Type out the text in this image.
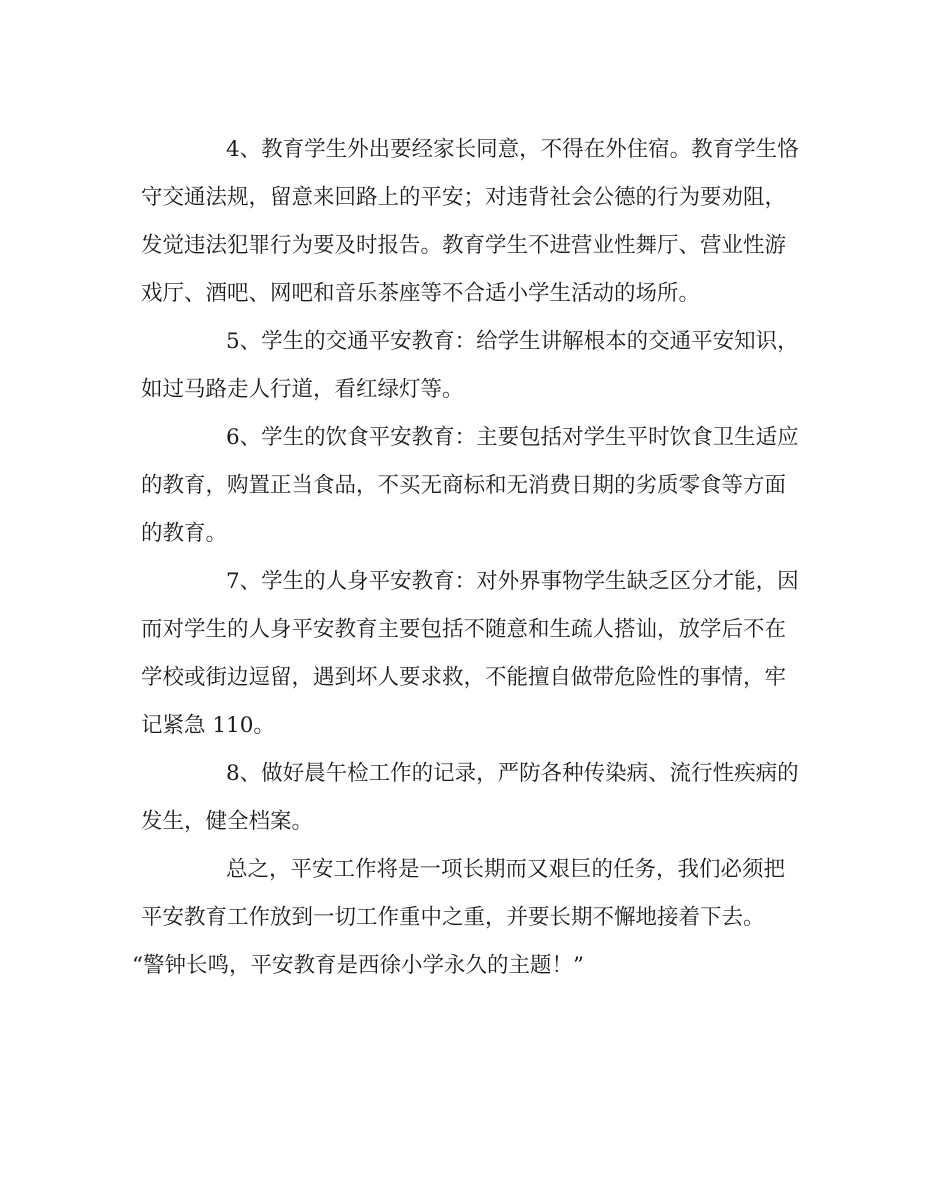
4、教育学生外出要经家长同意，不得在外住宿。教育学生恪

守交通法规，留意来回路上的平安；对违背社会公德的行为要劝阻，

发觉违法犯罪行为要及时报告。教育学生不进营业性舞厅、营业性游

戏厅、酒吧、网吧和音乐茶座等不合适小学生活动的场所。

5、学生的交通平安教育：给学生讲解根本的交通平安知识，

如过马路走人行道，看红绿灯等。

6、学生的饮食平安教育：主要包括对学生平时饮食卫生适应

的教育，购置正当食品，不买无商标和无消费日期的劣质零食等方面

的教育。

7、学生的人身平安教育：对外界事物学生缺乏区分才能，因

而对学生的人身平安教育主要包括不随意和生疏人搭讪，放学后不在

学校或街边逗留，遇到坏人要求救，不能擅自做带危险性的事情，牢

记紧急 110。

8、做好晨午检工作的记录，严防各种传染病、流行性疾病的

发生，健全档案。

总之，平安工作将是一项长期而又艰巨的任务，我们必须把

平安教育工作放到一切工作重中之重，并要长期不懈地接着下去。

“警钟长鸣，平安教育是西徐小学永久的主题！”
